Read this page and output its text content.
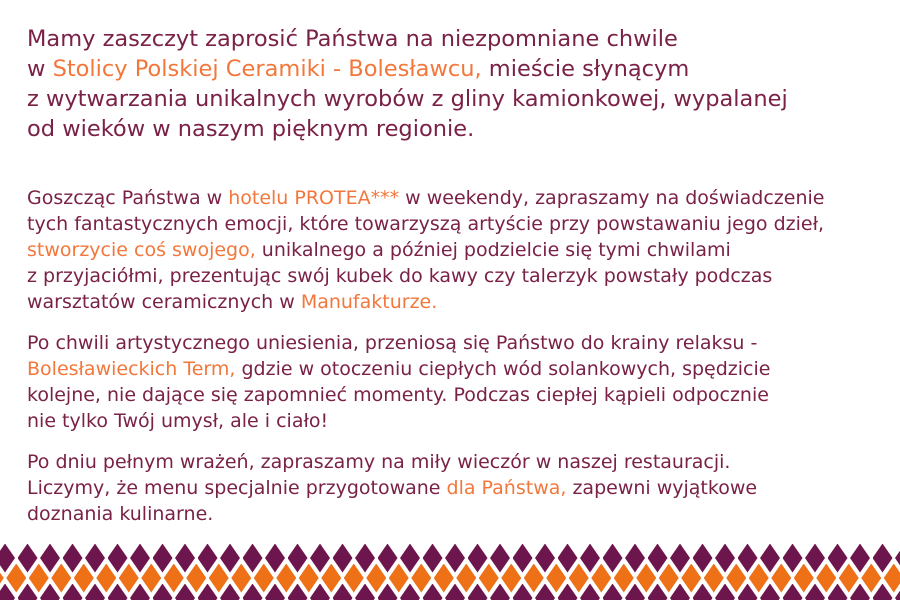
Mamy zaszczyt zaprosić Państwa na niezpomniane chwile
w Stolicy Polskiej Ceramiki - Bolesławcu, mieście słynącym
z wytwarzania unikalnych wyrobów z gliny kamionkowej, wypalanej
od wieków w naszym pięknym regionie.
Goszcząc Państwa w hotelu PROTEA*** w weekendy, zapraszamy na doświadczenie
tych fantastycznych emocji, które towarzyszą artyście przy powstawaniu jego dzieł,
stworzycie coś swojego, unikalnego a później podzielcie się tymi chwilami
z przyjaciółmi, prezentując swój kubek do kawy czy talerzyk powstały podczas
warsztatów ceramicznych w Manufakturze.
Po chwili artystycznego uniesienia, przeniosą się Państwo do krainy relaksu -
Bolesławieckich Term, gdzie w otoczeniu ciepłych wód solankowych, spędzicie
kolejne, nie dające się zapomnieć momenty. Podczas ciepłej kąpieli odpocznie
nie tylko Twój umysł, ale i ciało!
Po dniu pełnym wrażeń, zapraszamy na miły wieczór w naszej restauracji.
Liczymy, że menu specjalnie przygotowane dla Państwa, zapewni wyjątkowe
doznania kulinarne.
